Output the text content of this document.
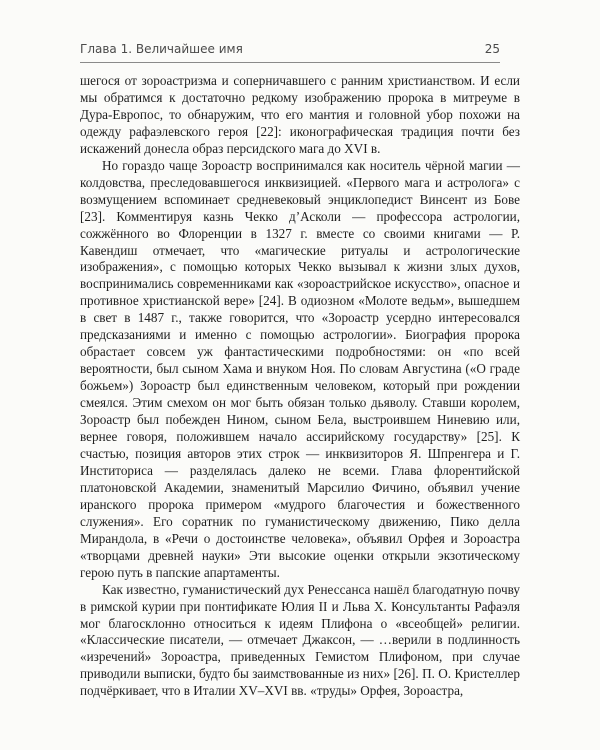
Глава 1. Величайшее имя	25

шегося от зороастризма и соперничавшего с ранним христианством. И если мы обратимся к достаточно редкому изображению пророка в митреуме в Дура-Европос, то обнаружим, что его мантия и головной убор похожи на одежду рафаэлевского героя [22]: иконографическая традиция почти без искажений донесла образ персидского мага до XVI в.

Но гораздо чаще Зороастр воспринимался как носитель чёрной магии — колдовства, преследовавшегося инквизицией. «Первого мага и астролога» с возмущением вспоминает средневековый энциклопедист Винсент из Бове [23]. Комментируя казнь Чекко д’Асколи — профессора астрологии, сожжённого во Флоренции в 1327 г. вместе со своими книгами — Р. Кавендиш отмечает, что «магические ритуалы и астрологические изображения», с помощью которых Чекко вызывал к жизни злых духов, воспринимались современниками как «зороастрийское искусство», опасное и противное христианской вере» [24]. В одиозном «Молоте ведьм», вышедшем в свет в 1487 г., также говорится, что «Зороастр усердно интересовался предсказаниями и именно с помощью астрологии». Биография пророка обрастает совсем уж фантастическими подробностями: он «по всей вероятности, был сыном Хама и внуком Ноя. По словам Августина («О граде божьем») Зороастр был единственным человеком, который при рождении смеялся. Этим смехом он мог быть обязан только дьяволу. Ставши королем, Зороастр был побежден Нином, сыном Бела, выстроившем Ниневию или, вернее говоря, положившем начало ассирийскому государству» [25]. К счастью, позиция авторов этих строк — инквизиторов Я. Шпренгера и Г. Инститориса — разделялась далеко не всеми. Глава флорентийской платоновской Академии, знаменитый Марсилио Фичино, объявил учение иранского пророка примером «мудрого благочестия и божественного служения». Его соратник по гуманистическому движению, Пико делла Мирандола, в «Речи о достоинстве человека», объявил Орфея и Зороастра «творцами древней науки» Эти высокие оценки открыли экзотическому герою путь в папские апартаменты.

Как известно, гуманистический дух Ренессанса нашёл благодатную почву в римской курии при понтификате Юлия II и Льва X. Консультанты Рафаэля мог благосклонно относиться к идеям Плифона о «всеобщей» религии. «Классические писатели, — отмечает Джаксон, — …верили в подлинность «изречений» Зороастра, приведенных Гемистом Плифоном, при случае приводили выписки, будто бы заимствованные из них» [26]. П. О. Кристеллер подчёркивает, что в Италии XV–XVI вв. «труды» Орфея, Зороастра,
